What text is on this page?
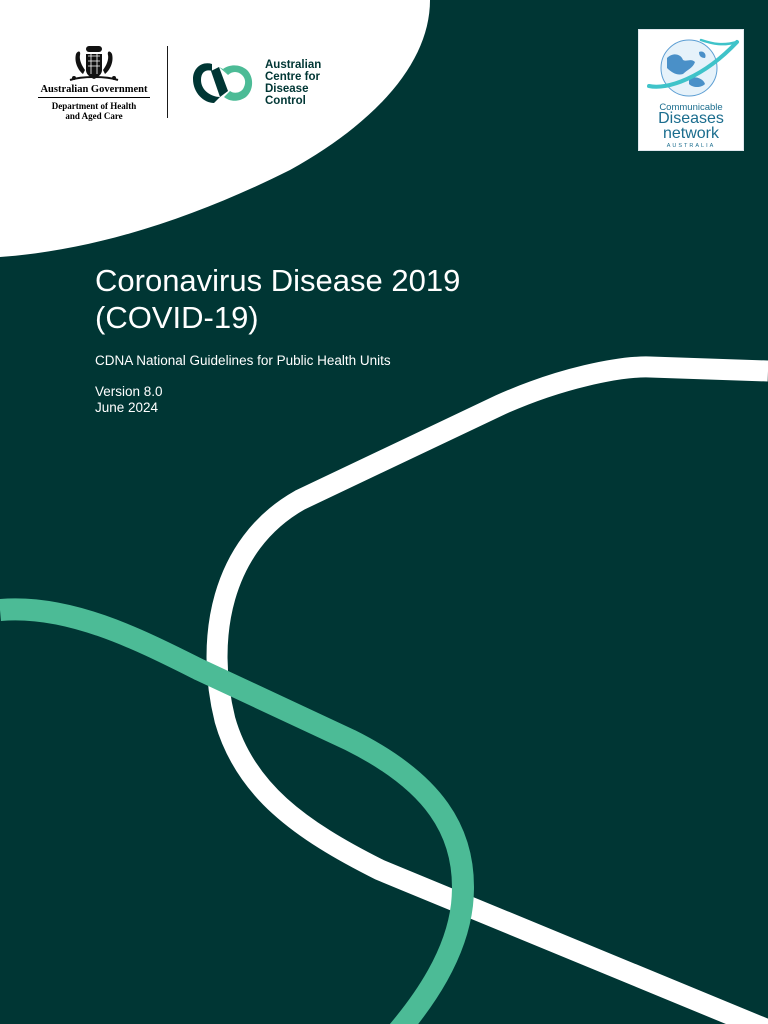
Australian Government
Department of Health
and Aged Care
Australian
Centre for
Disease
Control
Communicable
Diseases
network
AUSTRALIA
Coronavirus Disease 2019
(COVID-19)
CDNA National Guidelines for Public Health Units
Version 8.0
June 2024
